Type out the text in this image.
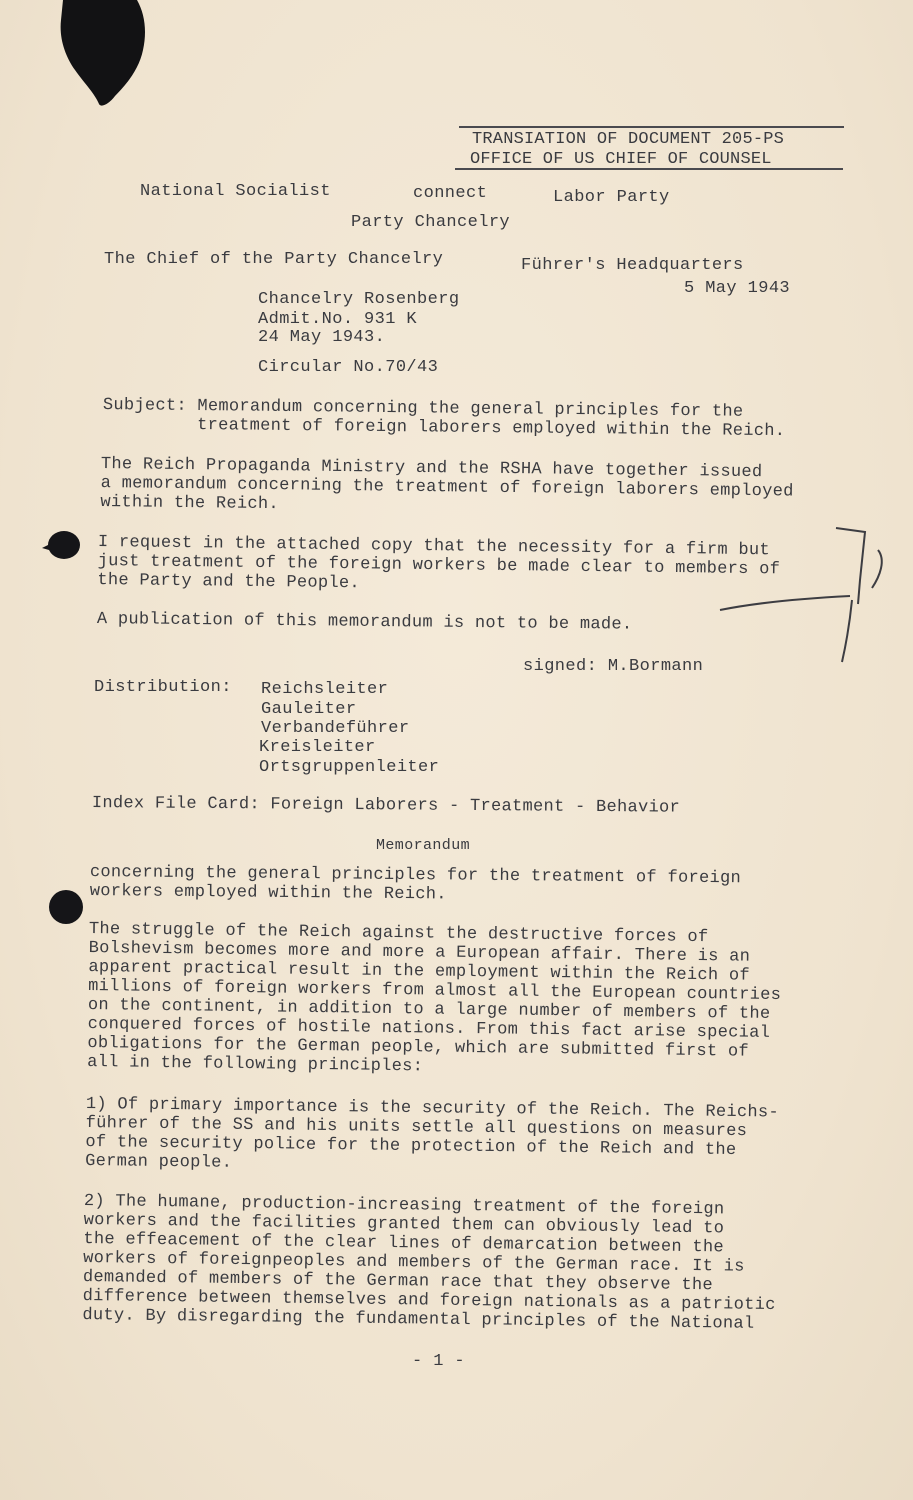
TRANSIATION OF DOCUMENT 205-PS
OFFICE OF US CHIEF OF COUNSEL
National Socialist	connect	Labor Party
Party Chancelry
The Chief of the Party Chancelry	Führer's Headquarters
5 May 1943
Chancelry Rosenberg
Admit.No. 931 K
24 May 1943.
Circular No.70/43
Subject: Memorandum concerning the general principles for the
treatment of foreign laborers employed within the Reich.
The Reich Propaganda Ministry and the RSHA have together issued
a memorandum concerning the treatment of foreign laborers employed
within the Reich.
I request in the attached copy that the necessity for a firm but
just treatment of the foreign workers be made clear to members of
the Party and the People.
A publication of this memorandum is not to be made.
signed: M.Bormann
Distribution: Reichsleiter
Gauleiter
Verbandeführer
Kreisleiter
Ortsgruppenleiter
Index File Card: Foreign Laborers - Treatment - Behavior
Memorandum
concerning the general principles for the treatment of foreign
workers employed within the Reich.
The struggle of the Reich against the destructive forces of
Bolshevism becomes more and more a European affair. There is an
apparent practical result in the employment within the Reich of
millions of foreign workers from almost all the European countries
on the continent, in addition to a large number of members of the
conquered forces of hostile nations. From this fact arise special
obligations for the German people, which are submitted first of
all in the following principles:
1) Of primary importance is the security of the Reich. The Reichs-
führer of the SS and his units settle all questions on measures
of the security police for the protection of the Reich and the
German people.
2) The humane, production-increasing treatment of the foreign
workers and the facilities granted them can obviously lead to
the effeacement of the clear lines of demarcation between the
workers of foreignpeoples and members of the German race. It is
demanded of members of the German race that they observe the
difference between themselves and foreign nationals as a patriotic
duty. By disregarding the fundamental principles of the National
- 1 -
